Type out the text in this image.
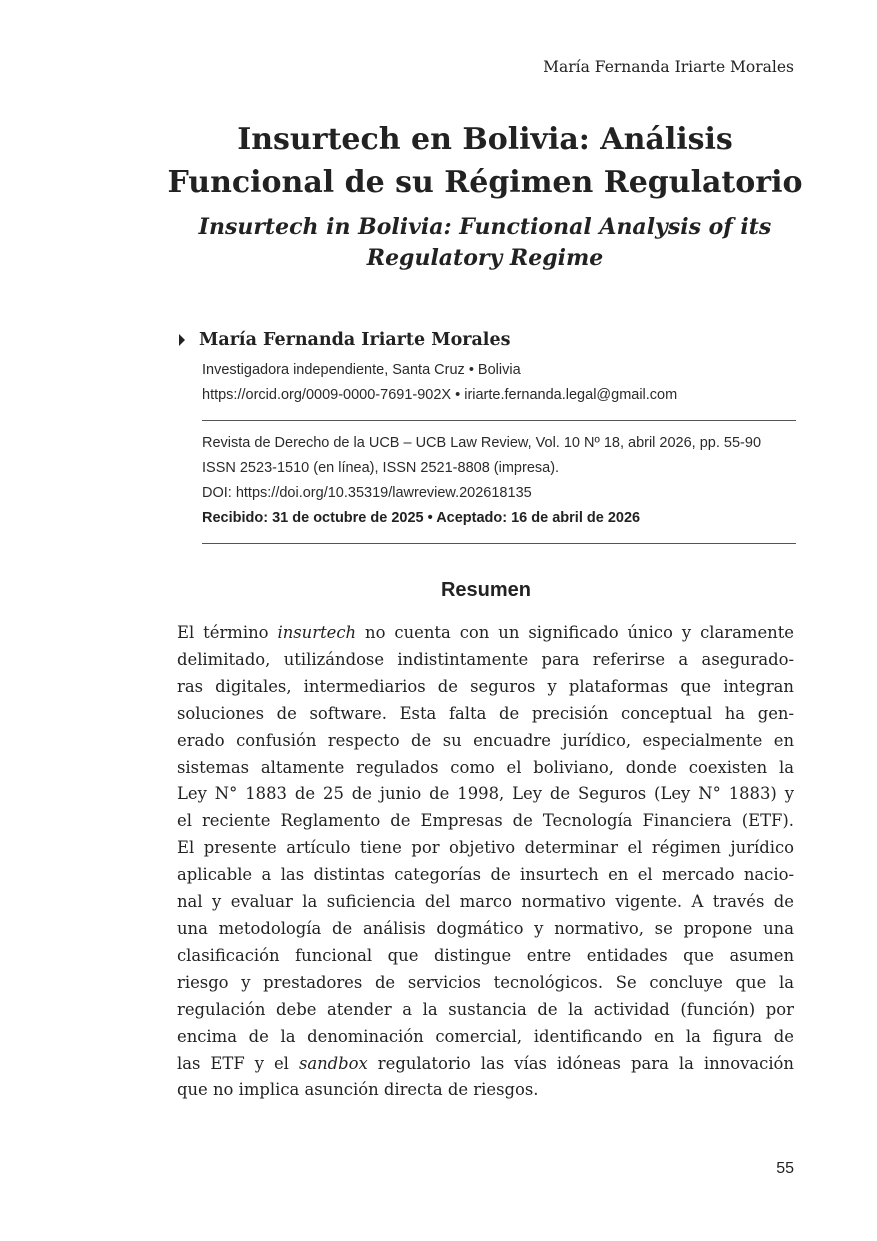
María Fernanda Iriarte Morales
Insurtech en Bolivia: Análisis
Funcional de su Régimen Regulatorio
Insurtech in Bolivia: Functional Analysis of its
Regulatory Regime
María Fernanda Iriarte Morales
Investigadora independiente, Santa Cruz • Bolivia
https://orcid.org/0009-0000-7691-902X • iriarte.fernanda.legal@gmail.com
Revista de Derecho de la UCB – UCB Law Review, Vol. 10 Nº 18, abril 2026, pp. 55-90
ISSN 2523-1510 (en línea), ISSN 2521-8808 (impresa).
DOI: https://doi.org/10.35319/lawreview.202618135
Recibido: 31 de octubre de 2025 • Aceptado: 16 de abril de 2026
Resumen
El término insurtech no cuenta con un significado único y claramente
delimitado, utilizándose indistintamente para referirse a asegurado-
ras digitales, intermediarios de seguros y plataformas que integran
soluciones de software. Esta falta de precisión conceptual ha gen-
erado confusión respecto de su encuadre jurídico, especialmente en
sistemas altamente regulados como el boliviano, donde coexisten la
Ley N° 1883 de 25 de junio de 1998, Ley de Seguros (Ley N° 1883) y
el reciente Reglamento de Empresas de Tecnología Financiera (ETF).
El presente artículo tiene por objetivo determinar el régimen jurídico
aplicable a las distintas categorías de insurtech en el mercado nacio-
nal y evaluar la suficiencia del marco normativo vigente. A través de
una metodología de análisis dogmático y normativo, se propone una
clasificación funcional que distingue entre entidades que asumen
riesgo y prestadores de servicios tecnológicos. Se concluye que la
regulación debe atender a la sustancia de la actividad (función) por
encima de la denominación comercial, identificando en la figura de
las ETF y el sandbox regulatorio las vías idóneas para la innovación
que no implica asunción directa de riesgos.
55
